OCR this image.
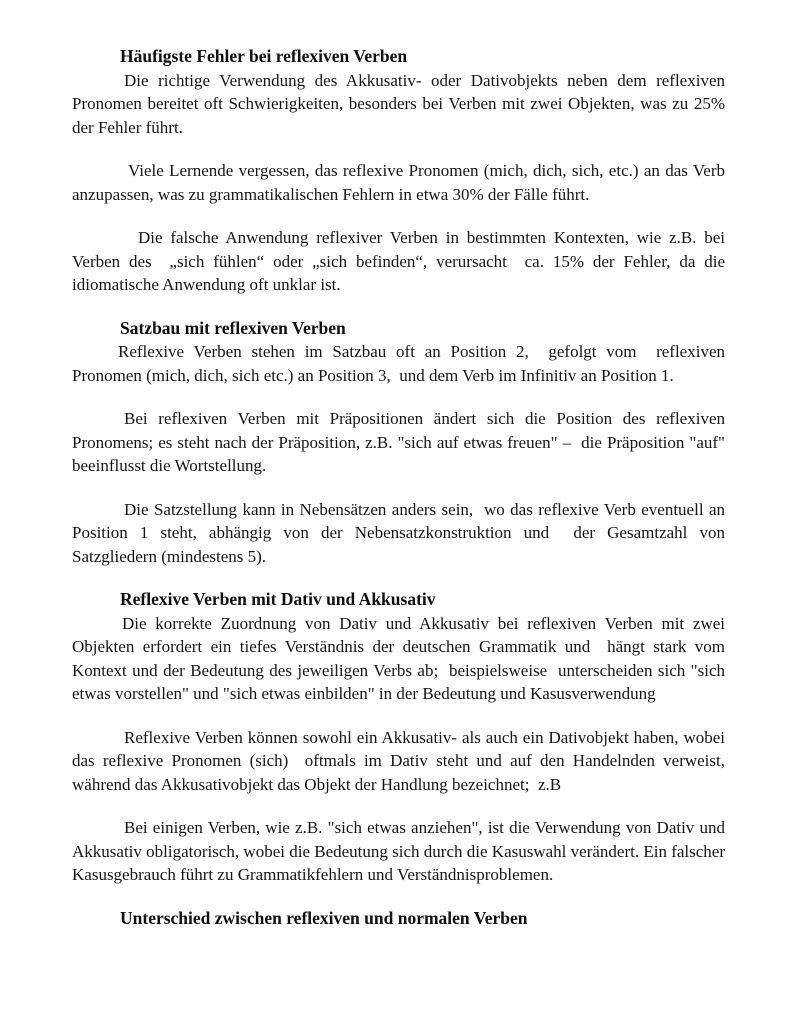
Häufigste Fehler bei reflexiven Verben

Die richtige Verwendung des Akkusativ- oder Dativobjekts neben dem reflexiven Pronomen bereitet oft Schwierigkeiten, besonders bei Verben mit zwei Objekten, was zu 25% der Fehler führt.

Viele Lernende vergessen, das reflexive Pronomen (mich, dich, sich, etc.) an das Verb anzupassen, was zu grammatikalischen Fehlern in etwa 30% der Fälle führt.

Die falsche Anwendung reflexiver Verben in bestimmten Kontexten, wie z.B. bei  Verben des  „sich fühlen“ oder „sich befinden“, verursacht  ca. 15% der Fehler, da die idiomatische Anwendung oft unklar ist.

Satzbau mit reflexiven Verben

Reflexive Verben stehen im Satzbau oft an Position 2,  gefolgt vom  reflexiven Pronomen (mich, dich, sich etc.) an Position 3,  und dem Verb im Infinitiv an Position 1.

Bei reflexiven Verben mit Präpositionen ändert sich die Position des reflexiven Pronomens; es steht nach der Präposition, z.B. "sich auf etwas freuen" –  die Präposition "auf" beeinflusst die Wortstellung.

Die Satzstellung kann in Nebensätzen anders sein,  wo das reflexive Verb eventuell an Position 1 steht, abhängig von der Nebensatzkonstruktion und  der Gesamtzahl von Satzgliedern (mindestens 5).

Reflexive Verben mit Dativ und Akkusativ

Die korrekte Zuordnung von Dativ und Akkusativ bei reflexiven Verben mit zwei Objekten erfordert ein tiefes Verständnis der deutschen Grammatik und  hängt stark vom Kontext und der Bedeutung des jeweiligen Verbs ab;  beispielsweise  unterscheiden sich "sich etwas vorstellen" und "sich etwas einbilden" in der Bedeutung und Kasusverwendung

Reflexive Verben können sowohl ein Akkusativ- als auch ein Dativobjekt haben, wobei das reflexive Pronomen (sich)  oftmals im Dativ steht und auf den Handelnden verweist, während das Akkusativobjekt das Objekt der Handlung bezeichnet;  z.B

Bei einigen Verben, wie z.B. "sich etwas anziehen", ist die Verwendung von Dativ und Akkusativ obligatorisch, wobei die Bedeutung sich durch die Kasuswahl verändert. Ein falscher Kasusgebrauch führt zu Grammatikfehlern und Verständnisproblemen.

Unterschied zwischen reflexiven und normalen Verben
